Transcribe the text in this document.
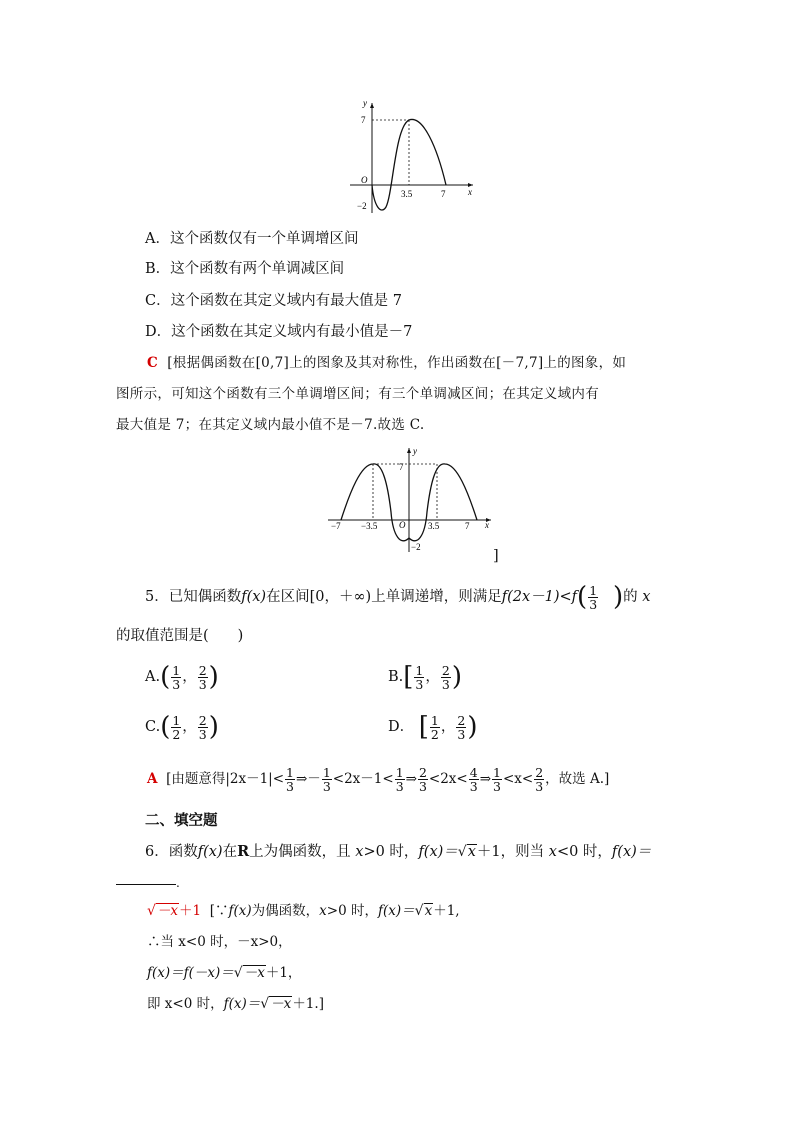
y
x
O
7
−2
3.5	7
A．这个函数仅有一个单调增区间
B．这个函数有两个单调减区间
C．这个函数在其定义域内有最大值是 7
D．这个函数在其定义域内有最小值是－7
C [根据偶函数在[0,7]上的图象及其对称性，作出函数在[－7,7]上的图象，如
图所示，可知这个函数有三个单调增区间；有三个单调减区间；在其定义域内有
最大值是 7；在其定义域内最小值不是－7.故选 C.
y
x
O
7
−2
−7 −3.5	3.5	7
]
5．已知偶函数f(x)在区间[0，＋∞)上单调递增，则满足$f(2x-1)<f( \frac{1}{3}$ )的 x
的取值范围是(　　)
$A.( \frac{1}{3}$ ， $\frac{2}{3}$ )	$B.[ \frac{1}{3}$ ， $\frac{2}{3}$ )
$C.( \frac{1}{2}$ ， $\frac{2}{3}$ )	D． [ $\frac{1}{2}$ ， $\frac{2}{3}$ )
A [由题意得$|2x-1|< \frac{1}{3}$ ⇒－ $\frac{1}{3} <2x-1< \frac{1}{3}$ ⇒ $\frac{2}{3} <2x< \frac{4}{3}$ ⇒ $\frac{1}{3} <x< \frac{2}{3}$ ，故选 A.]
二、填空题
6．函数f(x)在R上为偶函数，且 x>0 时，f(x)＝√x＋1，则当 x<0 时，f(x)＝
.
√－x＋1 [∵f(x)为偶函数，x>0 时，f(x)＝√x＋1,
∴当 x<0 时，－x>0，
f(x)＝f(－x)＝√－x＋1，
即 x<0 时，f(x)＝√－x＋1.]
